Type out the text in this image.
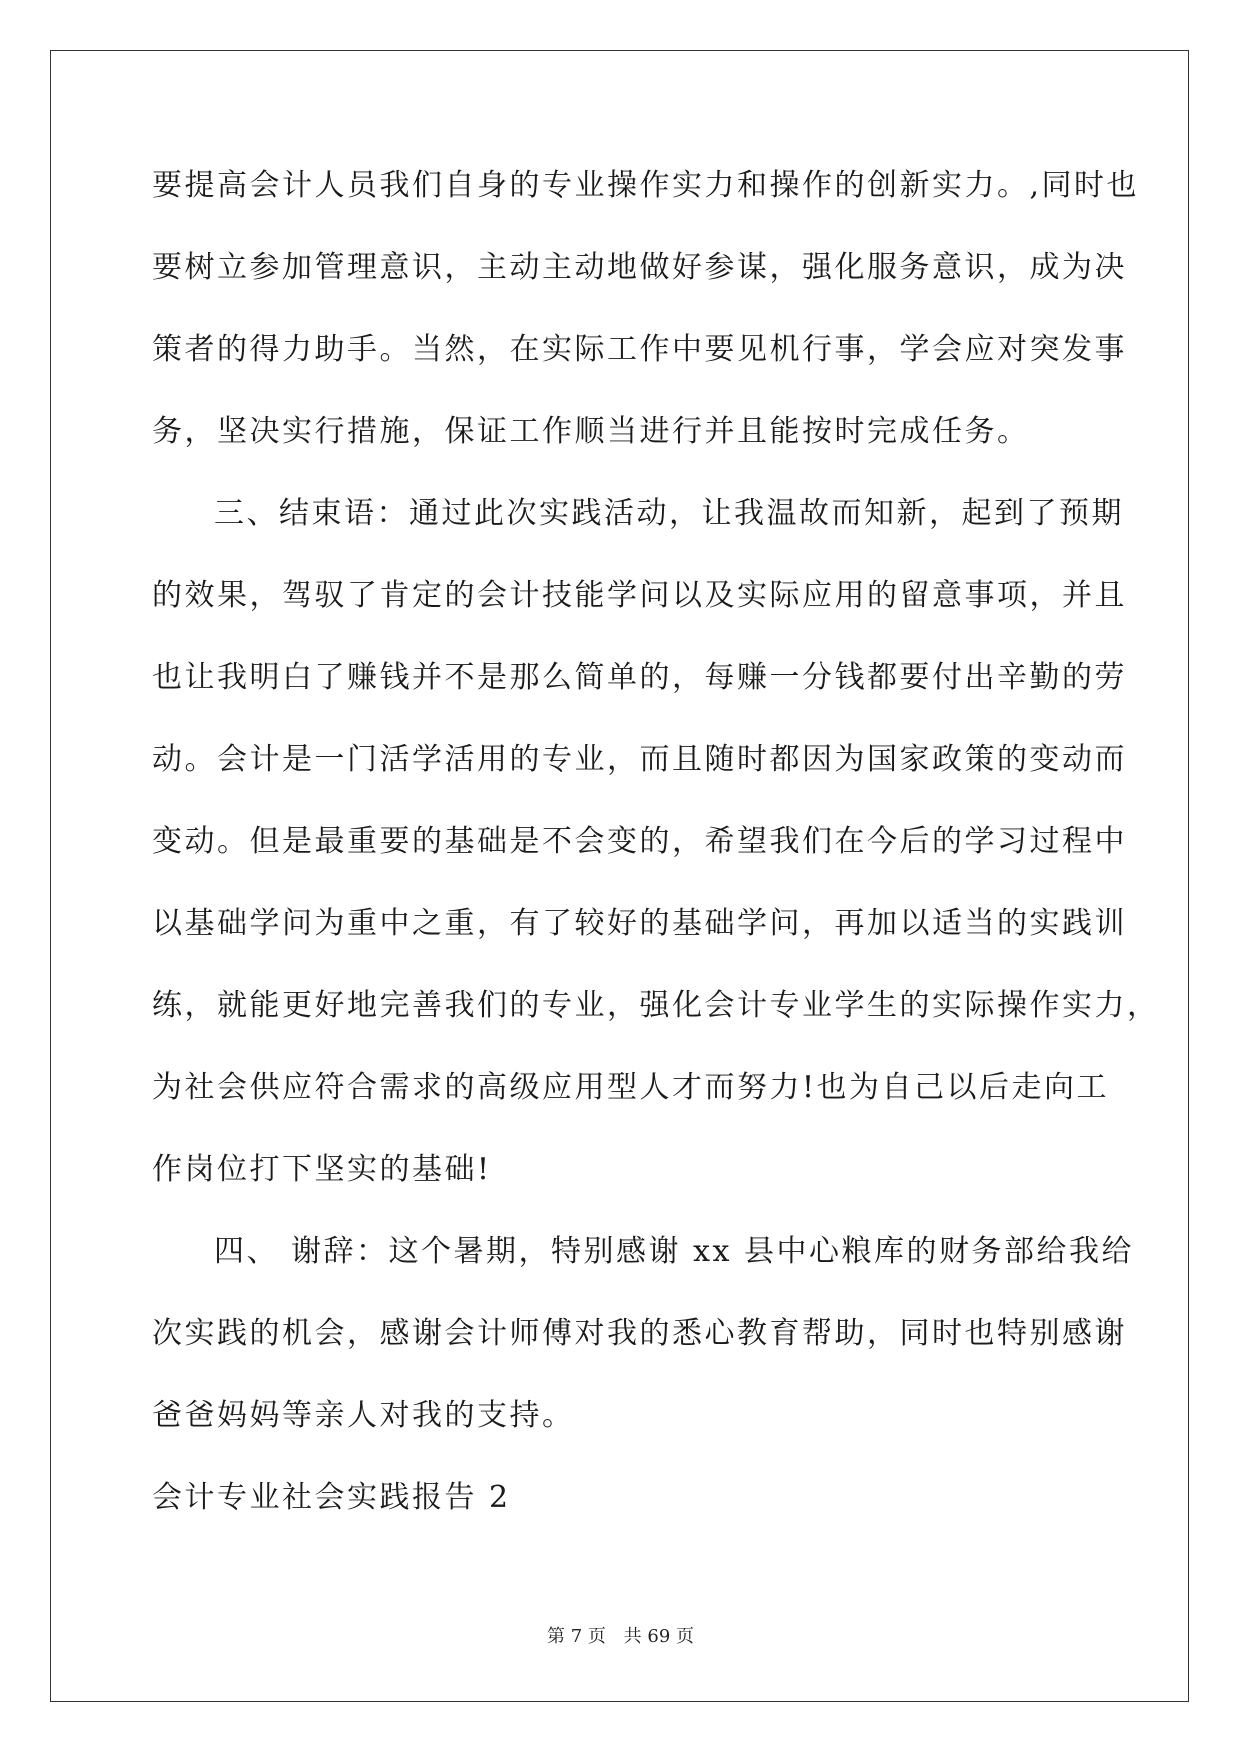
要提高会计人员我们自身的专业操作实力和操作的创新实力。,同时也
要树立参加管理意识，主动主动地做好参谋，强化服务意识，成为决
策者的得力助手。当然，在实际工作中要见机行事，学会应对突发事
务，坚决实行措施，保证工作顺当进行并且能按时完成任务。
三、结束语：通过此次实践活动，让我温故而知新，起到了预期
的效果，驾驭了肯定的会计技能学问以及实际应用的留意事项，并且
也让我明白了赚钱并不是那么简单的，每赚一分钱都要付出辛勤的劳
动。会计是一门活学活用的专业，而且随时都因为国家政策的变动而
变动。但是最重要的基础是不会变的，希望我们在今后的学习过程中
以基础学问为重中之重，有了较好的基础学问，再加以适当的实践训
练，就能更好地完善我们的专业，强化会计专业学生的实际操作实力，
为社会供应符合需求的高级应用型人才而努力!也为自己以后走向工
作岗位打下坚实的基础!
四、 谢辞：这个暑期，特别感谢 xx 县中心粮库的财务部给我给
次实践的机会，感谢会计师傅对我的悉心教育帮助，同时也特别感谢
爸爸妈妈等亲人对我的支持。
会计专业社会实践报告 2
第 7 页 共 69 页
